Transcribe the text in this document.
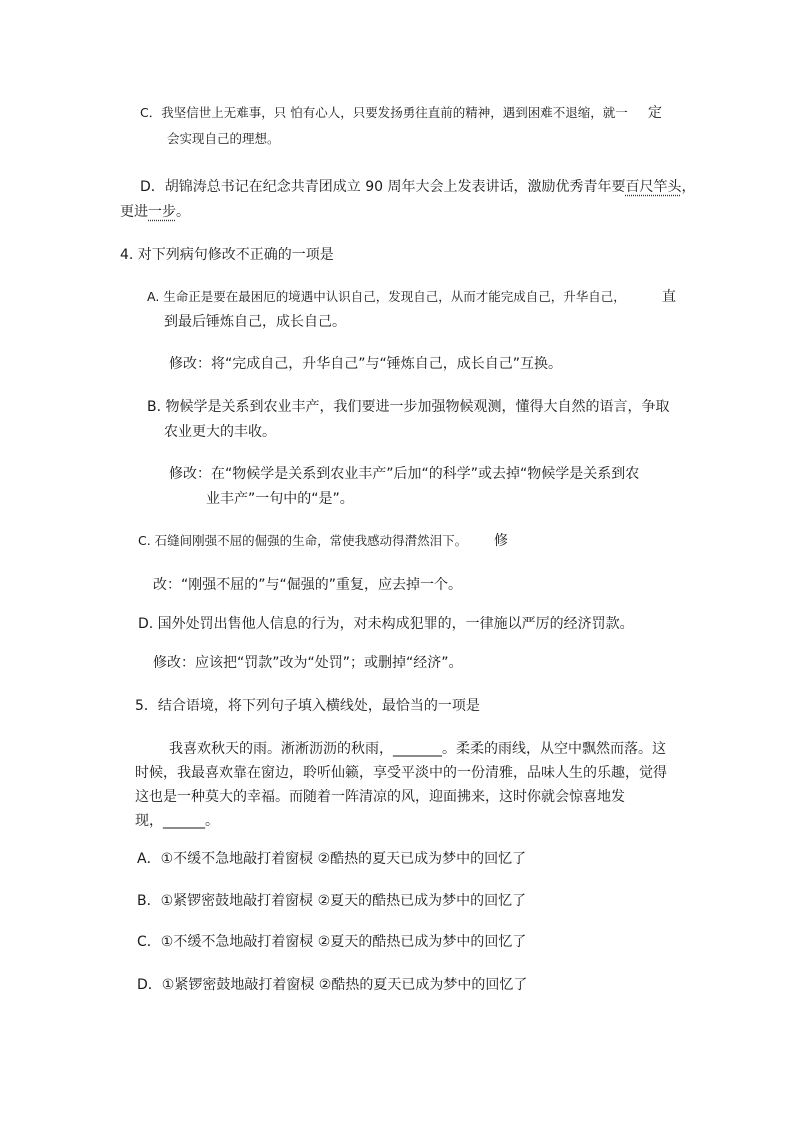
C．我坚信世上无难事，只 怕有心人，只要发扬勇往直前的精神，遇到困难不退缩，就一 定
会实现自己的理想。
D．胡锦涛总书记在纪念共青团成立 90 周年大会上发表讲话，激励优秀青年要百尺竿头，
更进一步。
4. 对下列病句修改不正确的一项是
A. 生命正是要在最困厄的境遇中认识自己，发现自己，从而才能完成自己，升华自己，	直
到最后锤炼自己，成长自己。
修改：将“完成自己，升华自己”与“锤炼自己，成长自己”互换。
B. 物候学是关系到农业丰产，我们要进一步加强物候观测，懂得大自然的语言，争取
农业更大的丰收。
修改：在“物候学是关系到农业丰产”后加“的科学”或去掉“物候学是关系到农
业丰产”一句中的“是”。
C. 石缝间刚强不屈的倔强的生命，常使我感动得潸然泪下。 修
改：“刚强不屈的”与“倔强的”重复，应去掉一个。
D. 国外处罚出售他人信息的行为，对未构成犯罪的，一律施以严厉的经济罚款。
修改：应该把“罚款”改为“处罚”；或删掉“经济”。
5．结合语境，将下列句子填入横线处，最恰当的一项是
我喜欢秋天的雨。淅淅沥沥的秋雨，_______。柔柔的雨线，从空中飘然而落。这
时候，我最喜欢靠在窗边，聆听仙籁，享受平淡中的一份清雅，品味人生的乐趣，觉得
这也是一种莫大的幸福。而随着一阵清凉的风，迎面拂来，这时你就会惊喜地发
现，______。
A．①不缓不急地敲打着窗棂 ②酷热的夏天已成为梦中的回忆了
B．①紧锣密鼓地敲打着窗棂 ②夏天的酷热已成为梦中的回忆了
C．①不缓不急地敲打着窗棂 ②夏天的酷热已成为梦中的回忆了
D．①紧锣密鼓地敲打着窗棂 ②酷热的夏天已成为梦中的回忆了
